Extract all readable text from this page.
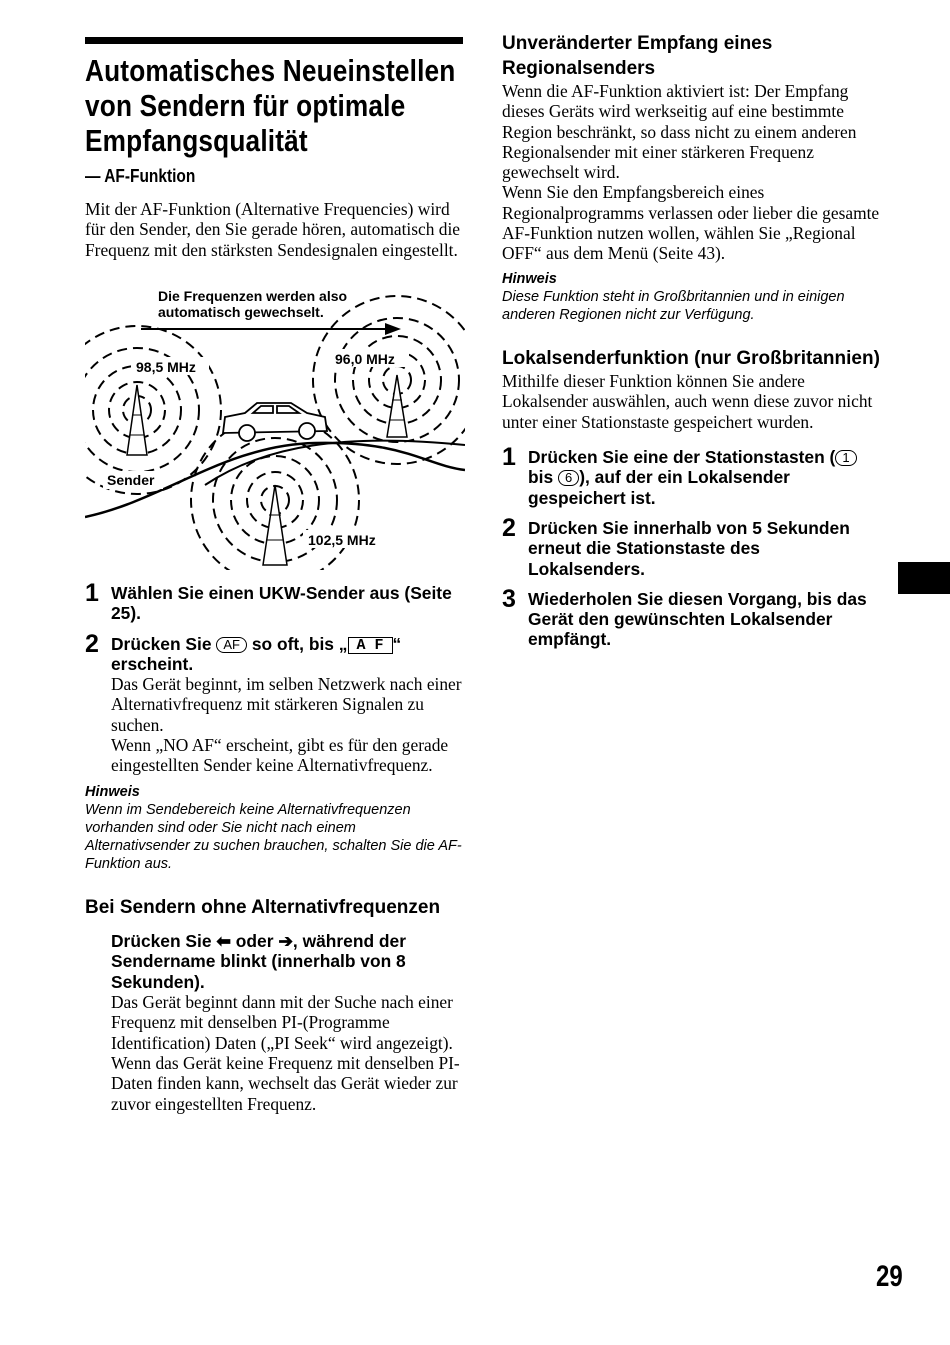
Automatisches Neueinstellen
von Sendern für optimale
Empfangsqualität
— AF-Funktion

Mit der AF-Funktion (Alternative Frequencies) wird für den Sender, den Sie gerade hören, automatisch die Frequenz mit den stärksten Sendesignalen eingestellt.

Die Frequenzen werden also
automatisch gewechselt.
98,5 MHz	96,0 MHz
102,5 MHz
Sender
1 Wählen Sie einen UKW-Sender aus (Seite 25).

2 Drücken Sie AF so oft, bis „ A F “ erscheint.

Das Gerät beginnt, im selben Netzwerk nach einer Alternativfrequenz mit stärkeren Signalen zu suchen.

Wenn „NO AF“ erscheint, gibt es für den gerade eingestellten Sender keine Alternativfrequenz.

Hinweis

Wenn im Sendebereich keine Alternativfrequenzen vorhanden sind oder Sie nicht nach einem Alternativsender zu suchen brauchen, schalten Sie die AF-Funktion aus.

Bei Sendern ohne Alternativfrequenzen

Drücken Sie ⬅ oder ➔, während der Sendername blinkt (innerhalb von 8 Sekunden).

Das Gerät beginnt dann mit der Suche nach einer Frequenz mit denselben PI-(Programme Identification) Daten („PI Seek“ wird angezeigt).

Wenn das Gerät keine Frequenz mit denselben PI-Daten finden kann, wechselt das Gerät wieder zur zuvor eingestellten Frequenz.

Unveränderter Empfang eines Regionalsenders

Wenn die AF-Funktion aktiviert ist: Der Empfang dieses Geräts wird werkseitig auf eine bestimmte Region beschränkt, so dass nicht zu einem anderen Regionalsender mit einer stärkeren Frequenz gewechselt wird.

Wenn Sie den Empfangsbereich eines Regionalprogramms verlassen oder lieber die gesamte AF-Funktion nutzen wollen, wählen Sie „Regional OFF“ aus dem Menü (Seite 43).

Hinweis

Diese Funktion steht in Großbritannien und in einigen anderen Regionen nicht zur Verfügung.

Lokalsenderfunktion (nur Großbritannien)

Mithilfe dieser Funktion können Sie andere Lokalsender auswählen, auch wenn diese zuvor nicht unter einer Stationstaste gespeichert wurden.

1 Drücken Sie eine der Stationstasten ( 1 bis 6 ), auf der ein Lokalsender gespeichert ist.

2 Drücken Sie innerhalb von 5 Sekunden erneut die Stationstaste des Lokalsenders.

3 Wiederholen Sie diesen Vorgang, bis das Gerät den gewünschten Lokalsender empfängt.

29
